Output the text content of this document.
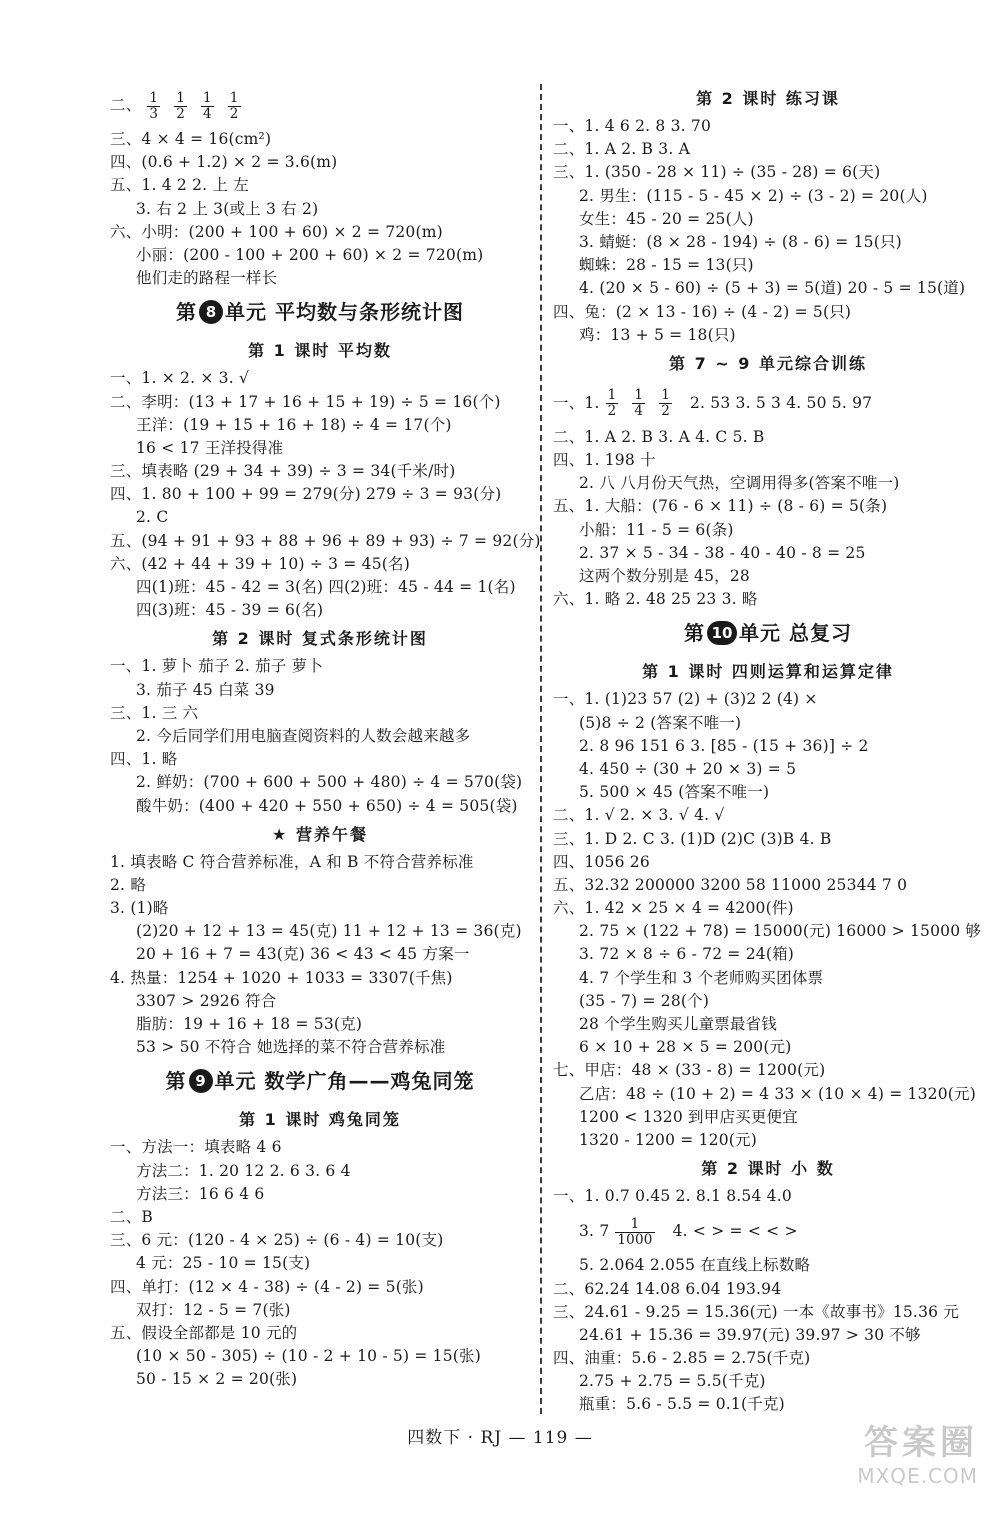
二、 $\frac{1}{3} \frac{1}{2} \frac{1}{4} \frac{1}{2}$
三、4 × 4 = 16(cm²)
四、(0.6 + 1.2) × 2 = 3.6(m)
五、1. 4 2 2. 上 左
3. 右 2 上 3(或上 3 右 2)
六、小明：(200 + 100 + 60) × 2 = 720(m)
小丽：(200 - 100 + 200 + 60) × 2 = 720(m)
他们走的路程一样长
第 8 单元 平均数与条形统计图
第 1 课时 平均数
一、1. × 2. × 3. √
二、李明：(13 + 17 + 16 + 15 + 19) ÷ 5 = 16(个)
王洋：(19 + 15 + 16 + 18) ÷ 4 = 17(个)
16 < 17 王洋投得准
三、填表略 (29 + 34 + 39) ÷ 3 = 34(千米/时)
四、1. 80 + 100 + 99 = 279(分) 279 ÷ 3 = 93(分)
2. C
五、(94 + 91 + 93 + 88 + 96 + 89 + 93) ÷ 7 = 92(分)
六、(42 + 44 + 39 + 10) ÷ 3 = 45(名)
四(1)班：45 - 42 = 3(名) 四(2)班：45 - 44 = 1(名)
四(3)班：45 - 39 = 6(名)
第 2 课时 复式条形统计图
一、1. 萝卜 茄子 2. 茄子 萝卜
3. 茄子 45 白菜 39
三、1. 三 六
2. 今后同学们用电脑查阅资料的人数会越来越多
四、1. 略
2. 鲜奶：(700 + 600 + 500 + 480) ÷ 4 = 570(袋)
酸牛奶：(400 + 420 + 550 + 650) ÷ 4 = 505(袋)
★ 营养午餐
1. 填表略 C 符合营养标准，A 和 B 不符合营养标准
2. 略
3. (1)略
(2)20 + 12 + 13 = 45(克) 11 + 12 + 13 = 36(克)
20 + 16 + 7 = 43(克) 36 < 43 < 45 方案一
4. 热量：1254 + 1020 + 1033 = 3307(千焦)
3307 > 2926 符合
脂肪：19 + 16 + 18 = 53(克)
53 > 50 不符合 她选择的菜不符合营养标准
第 9 单元 数学广角——鸡兔同笼
第 1 课时 鸡兔同笼
一、方法一：填表略 4 6
方法二：1. 20 12 2. 6 3. 6 4
方法三：16 6 4 6
二、B
三、6 元：(120 - 4 × 25) ÷ (6 - 4) = 10(支)
4 元：25 - 10 = 15(支)
四、单打：(12 × 4 - 38) ÷ (4 - 2) = 5(张)
双打：12 - 5 = 7(张)
五、假设全部都是 10 元的
(10 × 50 - 305) ÷ (10 - 2 + 10 - 5) = 15(张)
50 - 15 × 2 = 20(张)
第 2 课时 练习课
一、1. 4 6 2. 8 3. 70
二、1. A 2. B 3. A
三、1. (350 - 28 × 11) ÷ (35 - 28) = 6(天)
2. 男生：(115 - 5 - 45 × 2) ÷ (3 - 2) = 20(人)
女生：45 - 20 = 25(人)
3. 蜻蜓：(8 × 28 - 194) ÷ (8 - 6) = 15(只)
蜘蛛：28 - 15 = 13(只)
4. (20 × 5 - 60) ÷ (5 + 3) = 5(道) 20 - 5 = 15(道)
四、兔：(2 × 13 - 16) ÷ (4 - 2) = 5(只)
鸡：13 + 5 = 18(只)
第 7 ~ 9 单元综合训练
一、1. $\frac{1}{2} \frac{1}{4} \frac{1}{2} 2$. 53 3. 5 3 4. 50 5. 97
二、1. A 2. B 3. A 4. C 5. B
四、1. 198 十
2. 八 八月份天气热，空调用得多(答案不唯一)
五、1. 大船：(76 - 6 × 11) ÷ (8 - 6) = 5(条)
小船：11 - 5 = 6(条)
2. 37 × 5 - 34 - 38 - 40 - 40 - 8 = 25
这两个数分别是 45，28
六、1. 略 2. 48 25 23 3. 略
第 10 单元 总复习
第 1 课时 四则运算和运算定律
一、1. (1)23 57 (2) + (3)2 2 (4) ×
(5)8 ÷ 2 (答案不唯一)
2. 8 96 151 6 3. [85 - (15 + 36)] ÷ 2
4. 450 ÷ (30 + 20 × 3) = 5
5. 500 × 45 (答案不唯一)
二、1. √ 2. × 3. √ 4. √
三、1. D 2. C 3. (1)D (2)C (3)B 4. B
四、1056 26
五、32.32 200000 3200 58 11000 25344 7 0
六、1. 42 × 25 × 4 = 4200(件)
2. 75 × (122 + 78) = 15000(元) 16000 > 15000 够
3. 72 × 8 ÷ 6 - 72 = 24(箱)
4. 7 个学生和 3 个老师购买团体票
(35 - 7) = 28(个)
28 个学生购买儿童票最省钱
6 × 10 + 28 × 5 = 200(元)
七、甲店：48 × (33 - 8) = 1200(元)
乙店：48 ÷ (10 + 2) = 4 33 × (10 × 4) = 1320(元)
1200 < 1320 到甲店买更便宜
1320 - 1200 = 120(元)
第 2 课时 小 数
一、1. 0.7 0.45 2. 8.1 8.54 4.0
3. $7 \frac{1}{1000} 4$. < > = < < >
5. 2.064 2.055 在直线上标数略
二、62.24 14.08 6.04 193.94
三、24.61 - 9.25 = 15.36(元) 一本《故事书》15.36 元
24.61 + 15.36 = 39.97(元) 39.97 > 30 不够
四、油重：5.6 - 2.85 = 2.75(千克)
2.75 + 2.75 = 5.5(千克)
瓶重：5.6 - 5.5 = 0.1(千克)
四数下 · RJ — 119 —	答案圈
MXQE.COM
